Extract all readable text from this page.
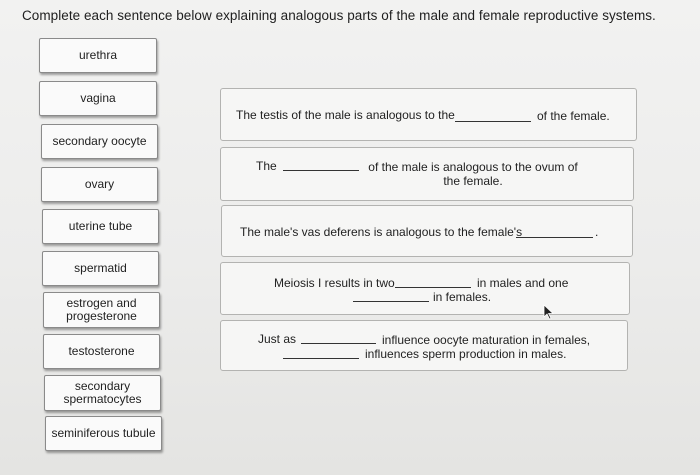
Complete each sentence below explaining analogous parts of the male and female reproductive systems.
urethra
vagina
secondary oocyte
ovary
uterine tube
spermatid
estrogen and progesterone
testosterone
secondary spermatocytes
seminiferous tubule
The testis of the male is analogous to the	of the female.
The	of the male is analogous to the ovum of the female.
The male's vas deferens is analogous to the female's	.
Meiosis I results in two	in males and one
in females.
Just as	influence oocyte maturation in females,
influences sperm production in males.
